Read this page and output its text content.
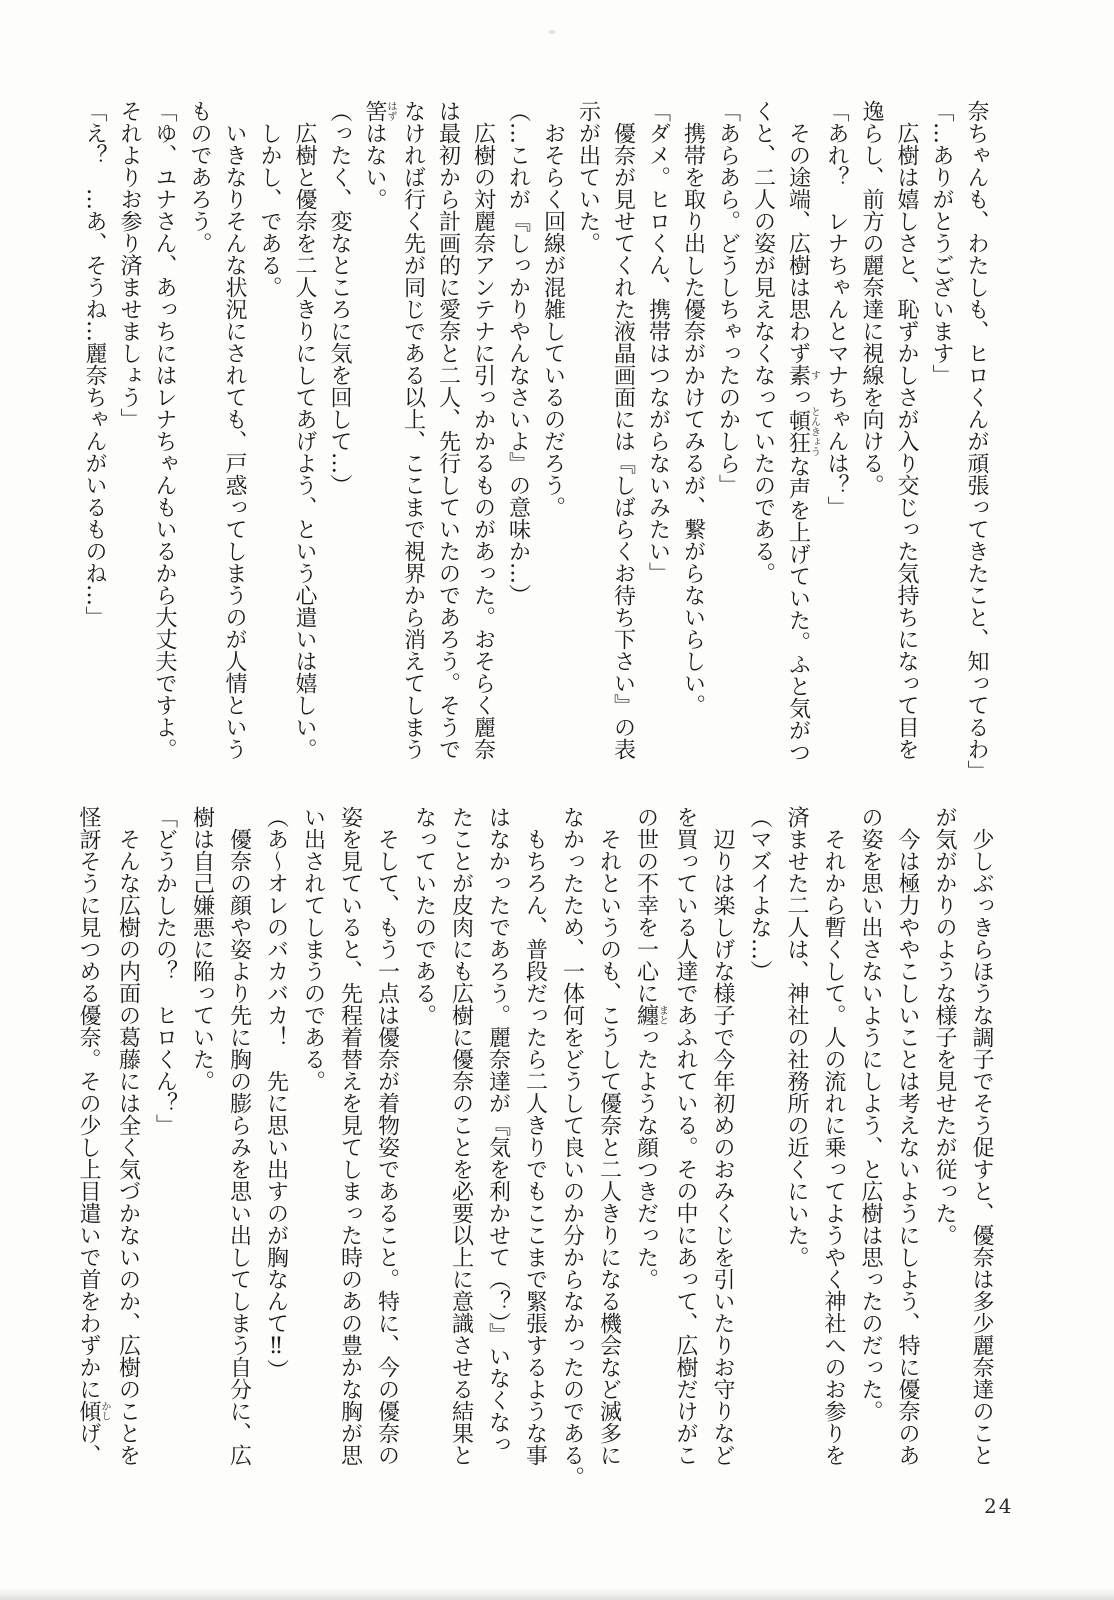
奈ちゃんも、わたしも、ヒロくんが頑張ってきたこと、知ってるわ」

「…ありがとうございます」

　広樹は嬉しさと、恥ずかしさが入り交じった気持ちになって目を

逸らし、前方の麗奈達に視線を向ける。

「あれ？　レナちゃんとマナちゃんは？」

　その途端、広樹は思わず素すっ頓狂とんきょうな声を上げていた。ふと気がつ

くと、二人の姿が見えなくなっていたのである。

「あらあら。どうしちゃったのかしら」

　携帯を取り出した優奈がかけてみるが、繋がらないらしい。

「ダメ。ヒロくん、携帯はつながらないみたい」

　優奈が見せてくれた液晶画面には『しばらくお待ち下さい』の表

示が出ていた。

　おそらく回線が混雑しているのだろう。

（…これが『しっかりやんなさいよ』の意味か…）

　広樹の対麗奈アンテナに引っかかるものがあった。おそらく麗奈

は最初から計画的に愛奈と二人、先行していたのであろう。そうで

なければ行く先が同じである以上、ここまで視界から消えてしまう

筈はずはない。

（ったく、変なところに気を回して…）

　広樹と優奈を二人きりにしてあげよう、という心遣いは嬉しい。

　しかし、である。

　いきなりそんな状況にされても、戸惑ってしまうのが人情という

ものであろう。

「ゆ、ユナさん、あっちにはレナちゃんもいるから大丈夫ですよ。

それよりお参り済ませましょう」

「え？　…あ、そうね…麗奈ちゃんがいるものね…」

　少しぶっきらほうな調子でそう促すと、優奈は多少麗奈達のこと

が気がかりのような様子を見せたが従った。

　今は極力ややこしいことは考えないようにしよう、特に優奈のあ

の姿を思い出さないようにしよう、と広樹は思ったのだった。

　それから暫くして。人の流れに乗ってようやく神社へのお参りを

済ませた二人は、神社の社務所の近くにいた。

（マズイよな…）

　辺りは楽しげな様子で今年初めのおみくじを引いたりお守りなど

を買っている人達であふれている。その中にあって、広樹だけがこ

の世の不幸を一心に纏まとったような顔つきだった。

　それというのも、こうして優奈と二人きりになる機会など滅多に

なかったため、一体何をどうして良いのか分からなかったのである。

　もちろん、普段だったら二人きりでもここまで緊張するような事

はなかったであろう。麗奈達が『気を利かせて（？）』いなくなっ

たことが皮肉にも広樹に優奈のことを必要以上に意識させる結果と

なっていたのである。

　そして、もう一点は優奈が着物姿であること。特に、今の優奈の

姿を見ていると、先程着替えを見てしまった時のあの豊かな胸が思

い出されてしまうのである。

（あ〜オレのバカバカ！　先に思い出すのが胸なんて‼）

　優奈の顔や姿より先に胸の膨らみを思い出してしまう自分に、広

樹は自己嫌悪に陥っていた。

「どうかしたの？　ヒロくん？」

　そんな広樹の内面の葛藤には全く気づかないのか、広樹のことを

怪訝そうに見つめる優奈。その少し上目遣いで首をわずかに傾かしげ、

24
